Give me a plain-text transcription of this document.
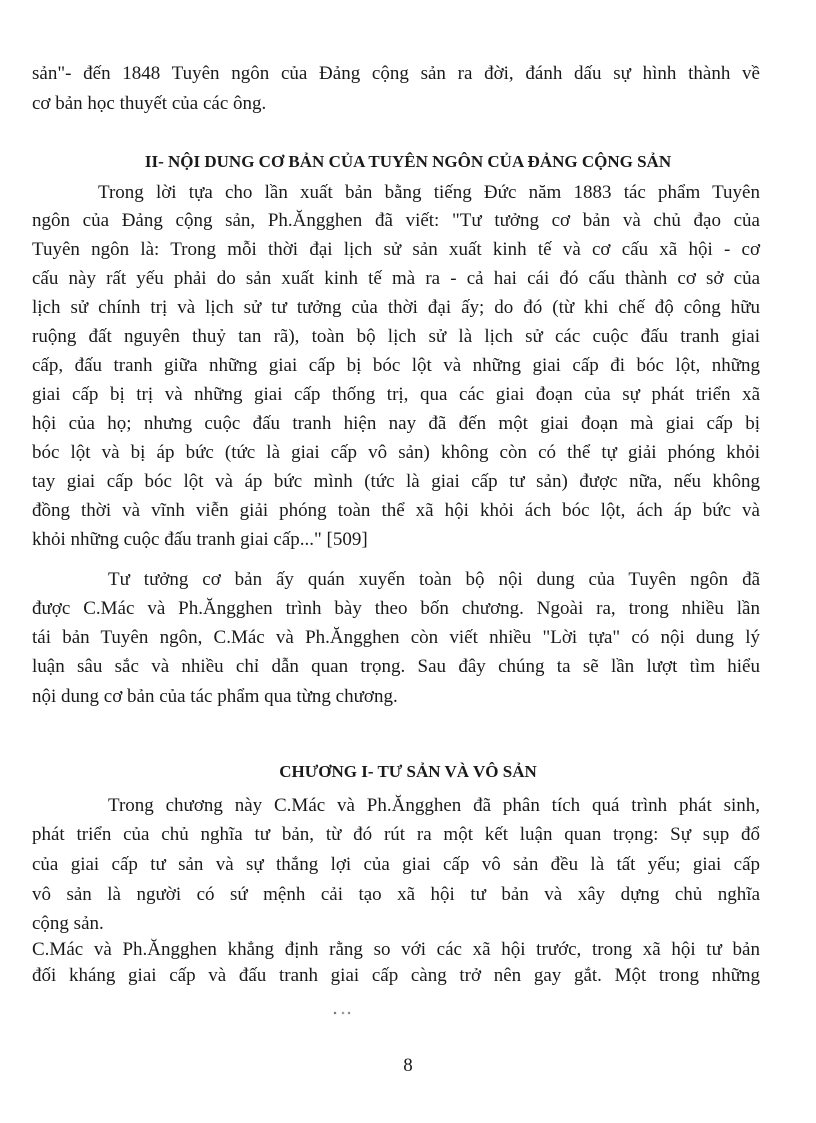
sản"- đến 1848 Tuyên ngôn của Đảng cộng sản ra đời, đánh dấu sự hình thành về
cơ bản học thuyết của các ông.
II- NỘI DUNG CƠ BẢN CỦA TUYÊN NGÔN CỦA ĐẢNG CỘNG SẢN
Trong lời tựa cho lần xuất bản bằng tiếng Đức năm 1883 tác phẩm Tuyên
ngôn của Đảng cộng sản, Ph.Ăngghen đã viết: "Tư tưởng cơ bản và chủ đạo của
Tuyên ngôn là: Trong mỗi thời đại lịch sử sản xuất kinh tế và cơ cấu xã hội - cơ
cấu này rất yếu phải do sản xuất kinh tế mà ra - cả hai cái đó cấu thành cơ sở của
lịch sử chính trị và lịch sử tư tưởng của thời đại ấy; do đó (từ khi chế độ công hữu
ruộng đất nguyên thuỷ tan rã), toàn bộ lịch sử là lịch sử các cuộc đấu tranh giai
cấp, đấu tranh giữa những giai cấp bị bóc lột và những giai cấp đi bóc lột, những
giai cấp bị trị và những giai cấp thống trị, qua các giai đoạn của sự phát triển xã
hội của họ; nhưng cuộc đấu tranh hiện nay đã đến một giai đoạn mà giai cấp bị
bóc lột và bị áp bức (tức là giai cấp vô sản) không còn có thể tự giải phóng khỏi
tay giai cấp bóc lột và áp bức mình (tức là giai cấp tư sản) được nữa, nếu không
đồng thời và vĩnh viễn giải phóng toàn thể xã hội khỏi ách bóc lột, ách áp bức và
khỏi những cuộc đấu tranh giai cấp..." [509]
Tư tưởng cơ bản ấy quán xuyến toàn bộ nội dung của Tuyên ngôn đã
được C.Mác và Ph.Ăngghen trình bày theo bốn chương. Ngoài ra, trong nhiều lần
tái bản Tuyên ngôn, C.Mác và Ph.Ăngghen còn viết nhiều "Lời tựa" có nội dung lý
luận sâu sắc và nhiều chỉ dẫn quan trọng. Sau đây chúng ta sẽ lần lượt tìm hiểu
nội dung cơ bản của tác phẩm qua từng chương.
CHƯƠNG I- TƯ SẢN VÀ VÔ SẢN
Trong chương này C.Mác và Ph.Ăngghen đã phân tích quá trình phát sinh,
phát triển của chủ nghĩa tư bản, từ đó rút ra một kết luận quan trọng: Sự sụp đổ
của giai cấp tư sản và sự thắng lợi của giai cấp vô sản đều là tất yếu; giai cấp
vô sản là người có sứ mệnh cải tạo xã hội tư bản và xây dựng chủ nghĩa
cộng sản.
C.Mác và Ph.Ăngghen khẳng định rằng so với các xã hội trước, trong xã hội tư bản
đối kháng giai cấp và đấu tranh giai cấp càng trở nên gay gắt. Một trong những
8
